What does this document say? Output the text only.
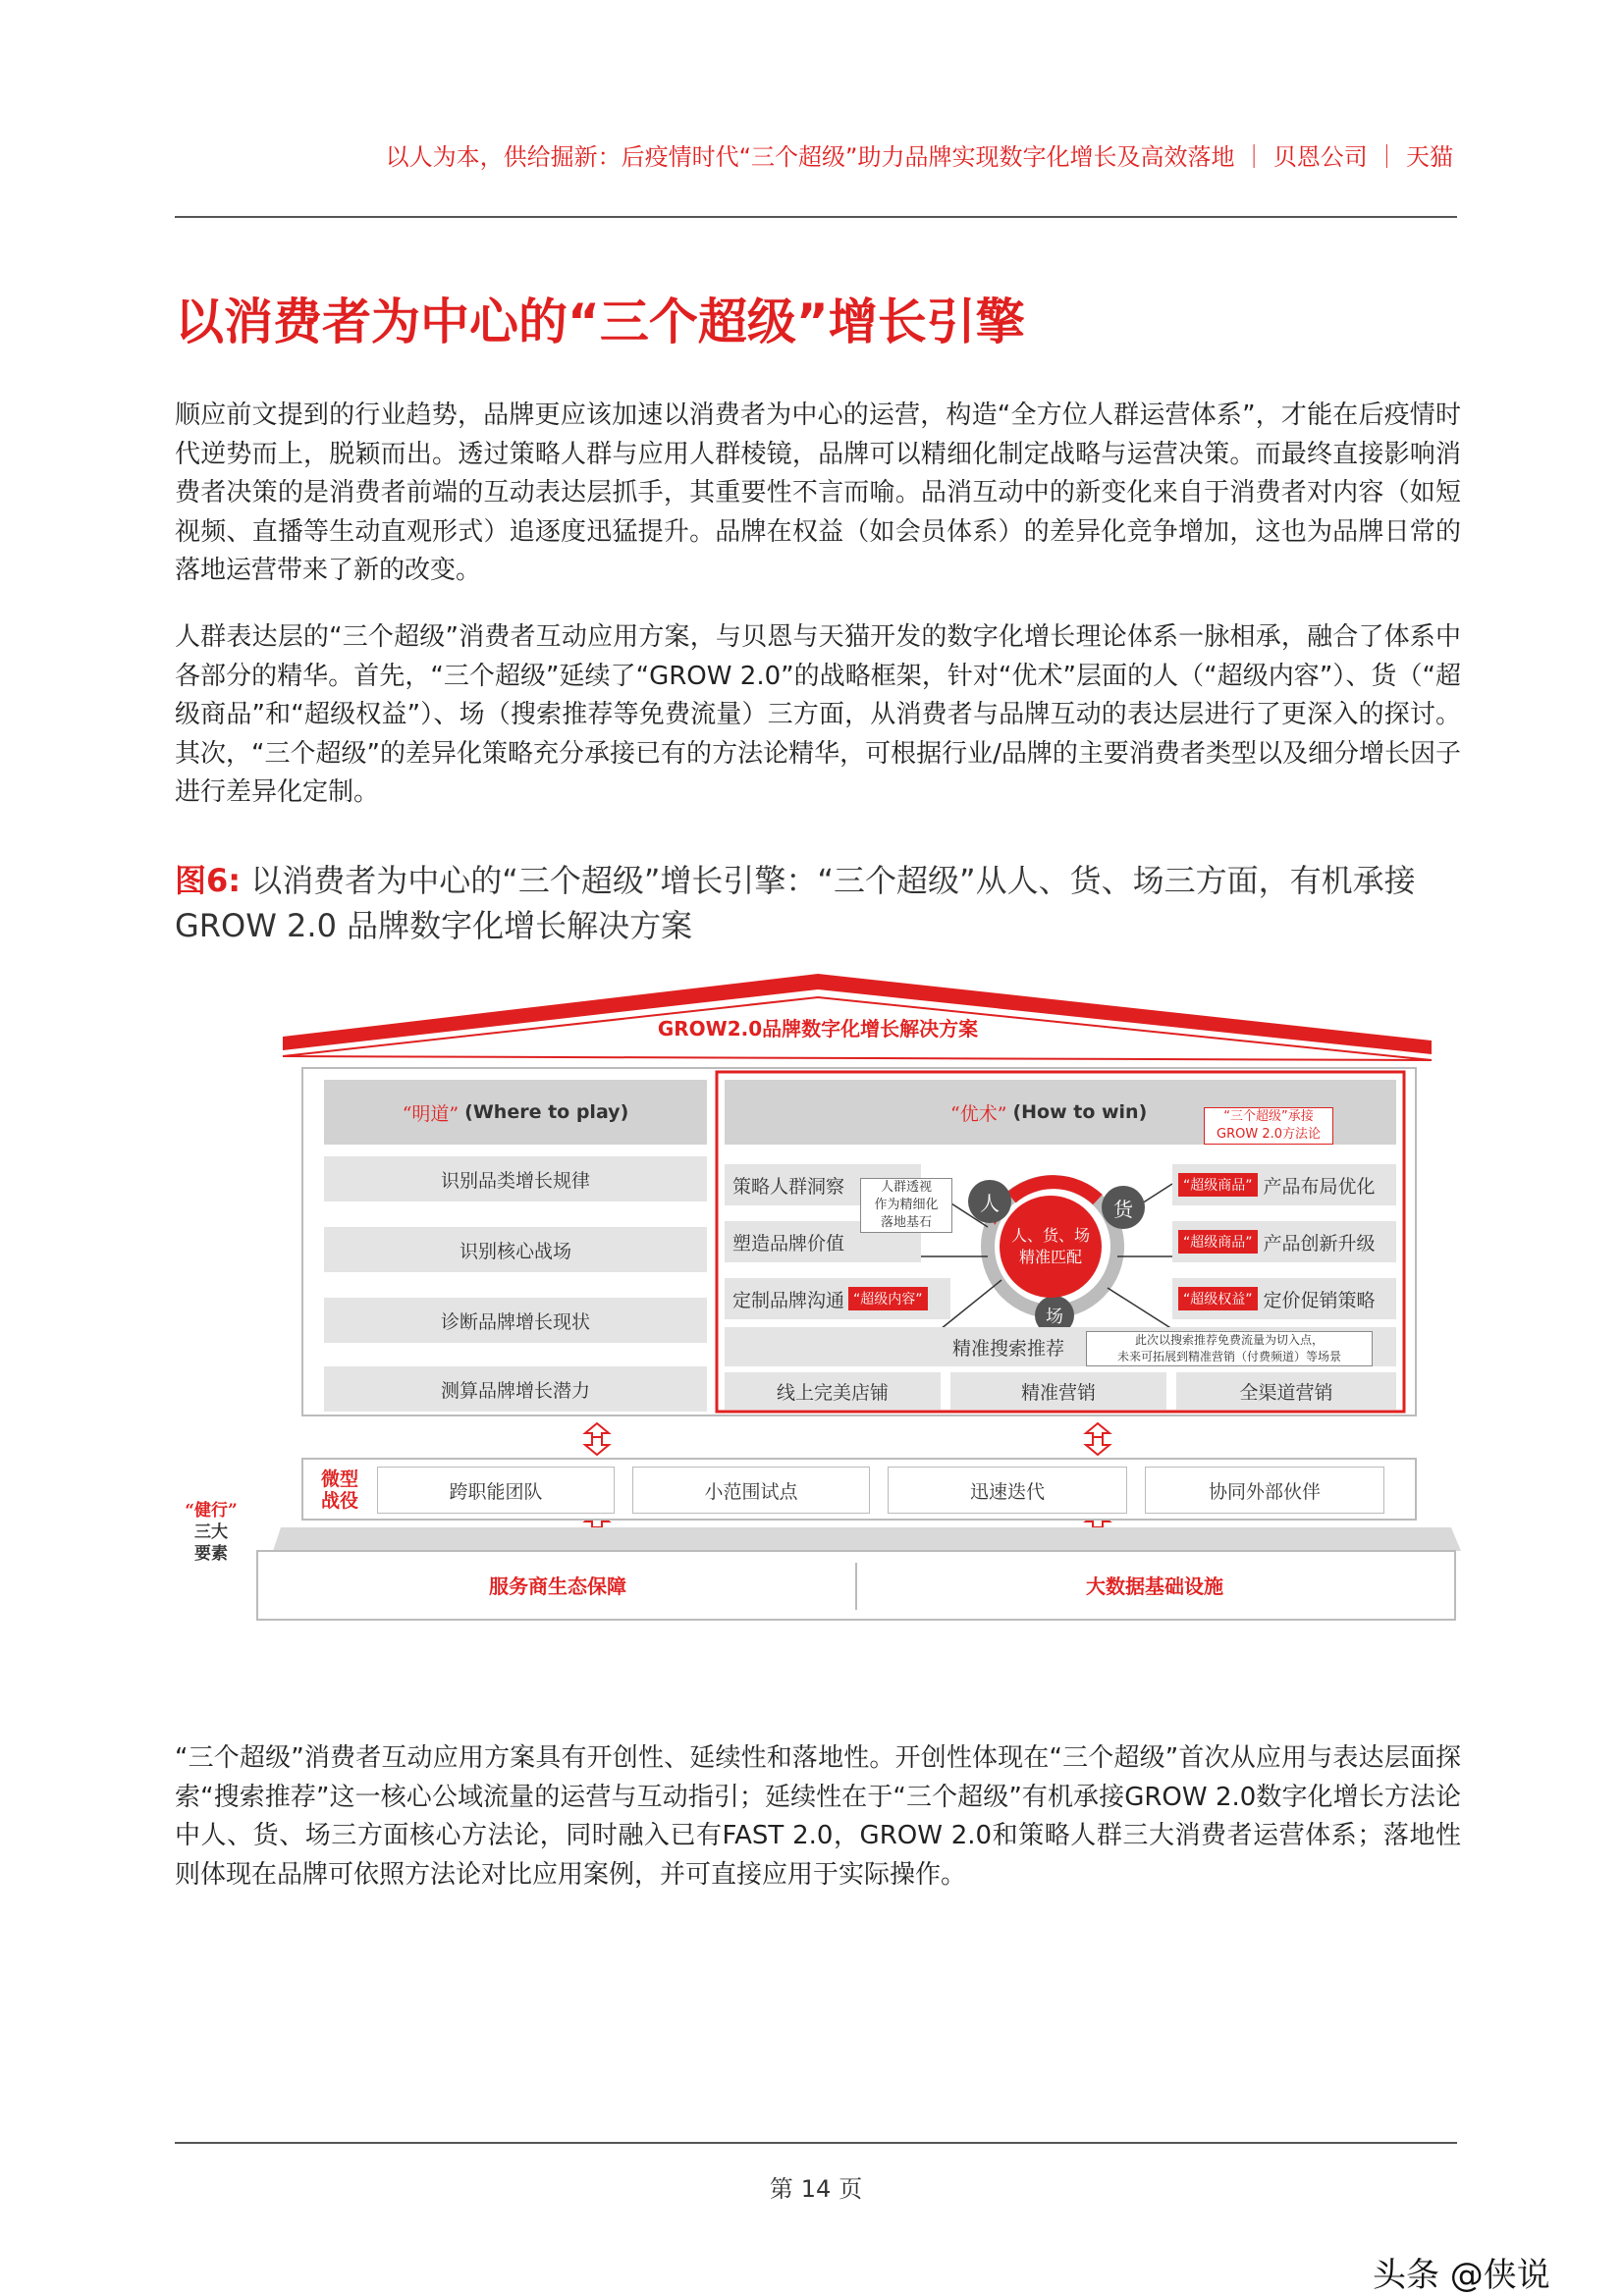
以人为本，供给掘新：后疫情时代“三个超级”助力品牌实现数字化增长及高效落地 ｜ 贝恩公司 ｜ 天猫
以消费者为中心的“三个超级”增长引擎
顺应前文提到的行业趋势，品牌更应该加速以消费者为中心的运营，构造“全方位人群运营体系”，才能在后疫情时代逆势而上，脱颖而出。透过策略人群与应用人群棱镜，品牌可以精细化制定战略与运营决策。而最终直接影响消费者决策的是消费者前端的互动表达层抓手，其重要性不言而喻。品消互动中的新变化来自于消费者对内容（如短视频、直播等生动直观形式）追逐度迅猛提升。品牌在权益（如会员体系）的差异化竞争增加，这也为品牌日常的落地运营带来了新的改变。
人群表达层的“三个超级”消费者互动应用方案，与贝恩与天猫开发的数字化增长理论体系一脉相承，融合了体系中各部分的精华。首先，“三个超级”延续了“GROW 2.0”的战略框架，针对“优术”层面的人（“超级内容”）、货（“超级商品”和“超级权益”）、场（搜索推荐等免费流量）三方面，从消费者与品牌互动的表达层进行了更深入的探讨。其次，“三个超级”的差异化策略充分承接已有的方法论精华，可根据行业/品牌的主要消费者类型以及细分增长因子进行差异化定制。
图6: 以消费者为中心的“三个超级”增长引擎：“三个超级”从人、货、场三方面，有机承接GROW 2.0 品牌数字化增长解决方案
GROW2.0品牌数字化增长解决方案
“明道” (Where to play)
识别品类增长规律
识别核心战场
诊断品牌增长现状
测算品牌增长潜力
“优术” (How to win)	“三个超级”承接
GROW 2.0方法论
策略人群洞察
塑造品牌价值
定制品牌沟通 “超级内容”
人群透视
作为精细化
落地基石
人	货
场
人、货、场
精准匹配
“超级商品” 产品布局优化
“超级商品” 产品创新升级
“超级权益” 定价促销策略
精准搜索推荐	此次以搜索推荐免费流量为切入点，
未来可拓展到精准营销（付费频道）等场景
线上完美店铺	精准营销	全渠道营销
微型
战役	跨职能团队	小范围试点	迅速迭代	协同外部伙伴
“健行”
三大
要素
服务商生态保障	大数据基础设施
“三个超级”消费者互动应用方案具有开创性、延续性和落地性。开创性体现在“三个超级”首次从应用与表达层面探索“搜索推荐”这一核心公域流量的运营与互动指引；延续性在于“三个超级”有机承接GROW 2.0数字化增长方法论中人、货、场三方面核心方法论，同时融入已有FAST 2.0，GROW 2.0和策略人群三大消费者运营体系；落地性则体现在品牌可依照方法论对比应用案例，并可直接应用于实际操作。
第 14 页
头条 @侠说
